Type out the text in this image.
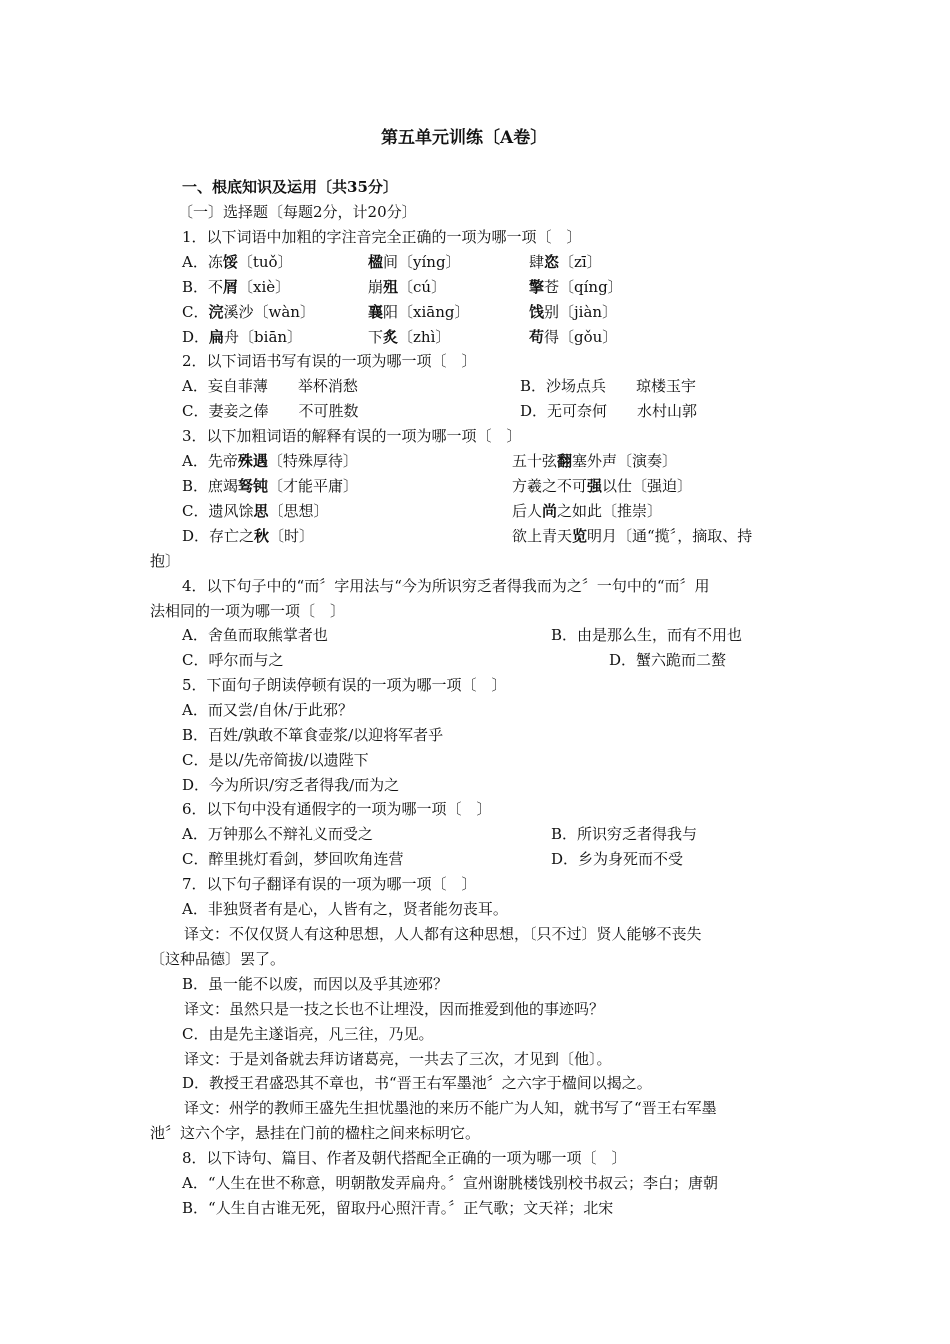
第五单元训练〔A卷〕
一、根底知识及运用〔共35分〕
〔一〕选择题〔每题2分，计20分〕
1．以下词语中加粗的字注音完全正确的一项为哪一项〔　〕
A．冻馁〔tuǒ〕	楹间〔yíng〕	肆恣〔zī〕
B．不屑〔xiè〕	崩殂〔cú〕	擎苍〔qíng〕
C．浣溪沙〔wàn〕	襄阳〔xiāng〕	饯别〔jiàn〕
D．扁舟〔biān〕	下炙〔zhì〕	苟得〔gǒu〕
2．以下词语书写有误的一项为哪一项〔　〕
A．妄自菲薄　　举杯消愁	B．沙场点兵　　琼楼玉宇
C．妻妾之俸　　不可胜数	D．无可奈何　　水村山郭
3．以下加粗词语的解释有误的一项为哪一项〔　〕
A．先帝殊遇〔特殊厚待〕	五十弦翻塞外声〔演奏〕
B．庶竭驽钝〔才能平庸〕	方羲之不可强以仕〔强迫〕
C．遗风馀思〔思想〕	后人尚之如此〔推崇〕
D．存亡之秋〔时〕	欲上青天览明月〔通“揽〞，摘取、持
抱〕
4．以下句子中的“而〞字用法与“今为所识穷乏者得我而为之〞一句中的“而〞用
法相同的一项为哪一项〔　〕
A．舍鱼而取熊掌者也	B．由是那么生，而有不用也
C．呼尔而与之	D．蟹六跪而二螯
5．下面句子朗读停顿有误的一项为哪一项〔　〕
A．而又尝/自休/于此邪？
B．百姓/孰敢不箪食壶浆/以迎将军者乎
C．是以/先帝简拔/以遗陛下
D．今为所识/穷乏者得我/而为之
6．以下句中没有通假字的一项为哪一项〔　〕
A．万钟那么不辩礼义而受之	B．所识穷乏者得我与
C．醉里挑灯看剑，梦回吹角连营	D．乡为身死而不受
7．以下句子翻译有误的一项为哪一项〔　〕
A．非独贤者有是心，人皆有之，贤者能勿丧耳。
译文：不仅仅贤人有这种思想，人人都有这种思想，〔只不过〕贤人能够不丧失
〔这种品德〕罢了。
B．虽一能不以废，而因以及乎其迹邪？
译文：虽然只是一技之长也不让埋没，因而推爱到他的事迹吗？
C．由是先主遂诣亮，凡三往，乃见。
译文：于是刘备就去拜访诸葛亮，一共去了三次，才见到〔他〕。
D．教授王君盛恐其不章也，书“晋王右军墨池〞之六字于楹间以揭之。
译文：州学的教师王盛先生担忧墨池的来历不能广为人知，就书写了“晋王右军墨
池〞这六个字，悬挂在门前的楹柱之间来标明它。
8．以下诗句、篇目、作者及朝代搭配全正确的一项为哪一项〔　〕
A．“人生在世不称意，明朝散发弄扁舟。〞宣州谢朓楼饯别校书叔云；李白；唐朝
B．“人生自古谁无死，留取丹心照汗青。〞正气歌；文天祥；北宋
